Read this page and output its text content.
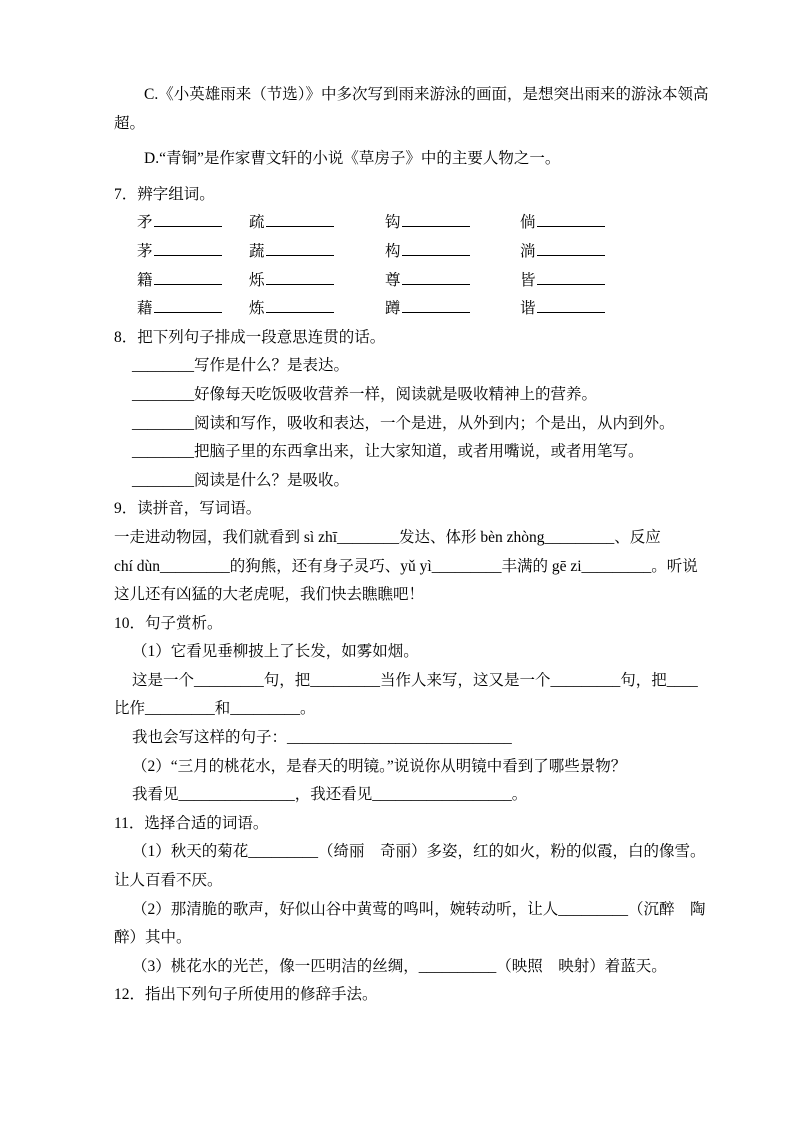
C.《小英雄雨来（节选）》中多次写到雨来游泳的画面，是想突出雨来的游泳本领高
超。
D.“青铜”是作家曹文轩的小说《草房子》中的主要人物之一。
7．辨字组词。
矛	疏	钩	倘
茅	蔬	构	淌
籍	烁	尊	皆
藉	炼	蹲	谐
8．把下列句子排成一段意思连贯的话。
________写作是什么？是表达。
________好像每天吃饭吸收营养一样，阅读就是吸收精神上的营养。
________阅读和写作，吸收和表达，一个是进，从外到内；个是出，从内到外。
________把脑子里的东西拿出来，让大家知道，或者用嘴说，或者用笔写。
________阅读是什么？是吸收。
9．读拼音，写词语。
一走进动物园，我们就看到 sì zhī________发达、体形 bèn zhòng_________、反应
chí dùn_________的狗熊，还有身子灵巧、yǔ yì_________丰满的 gē zi_________。听说
这儿还有凶猛的大老虎呢，我们快去瞧瞧吧！
10．句子赏析。
（1）它看见垂柳披上了长发，如雾如烟。
这是一个_________句，把_________当作人来写，这又是一个_________句，把____
比作_________和_________。
我也会写这样的句子：_____________________________
（2）“三月的桃花水，是春天的明镜。”说说你从明镜中看到了哪些景物？
我看见_______________，我还看见__________________。
11．选择合适的词语。
（1）秋天的菊花_________（绮丽　奇丽）多姿，红的如火，粉的似霞，白的像雪。
让人百看不厌。
（2）那清脆的歌声，好似山谷中黄莺的鸣叫，婉转动听，让人_________（沉醉　陶
醉）其中。
（3）桃花水的光芒，像一匹明洁的丝绸，__________（映照　映射）着蓝天。
12．指出下列句子所使用的修辞手法。
